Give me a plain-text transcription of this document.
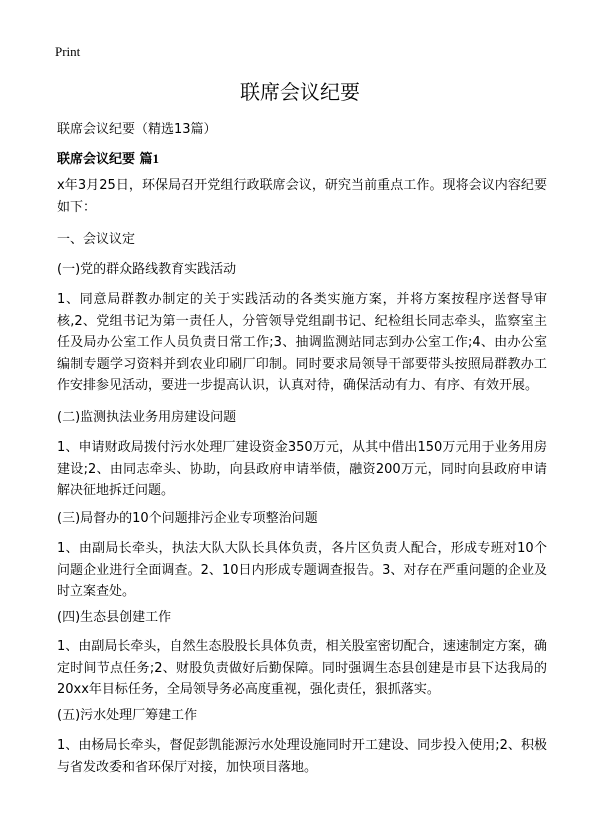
Print
联席会议纪要

联席会议纪要（精选13篇）

联席会议纪要 篇1

x年3月25日，环保局召开党组行政联席会议，研究当前重点工作。现将会议内容纪要如下：

一、会议议定

(一)党的群众路线教育实践活动

1、同意局群教办制定的关于实践活动的各类实施方案，并将方案按程序送督导审核,2、党组书记为第一责任人，分管领导党组副书记、纪检组长同志牵头，监察室主任及局办公室工作人员负责日常工作;3、抽调监测站同志到办公室工作;4、由办公室编制专题学习资料并到农业印刷厂印制。同时要求局领导干部要带头按照局群教办工作安排参见活动，要进一步提高认识，认真对待，确保活动有力、有序、有效开展。

(二)监测执法业务用房建设问题

1、申请财政局拨付污水处理厂建设资金350万元，从其中借出150万元用于业务用房建设;2、由同志牵头、协助，向县政府申请举债，融资200万元，同时向县政府申请解决征地拆迁问题。

(三)局督办的10个问题排污企业专项整治问题

1、由副局长牵头，执法大队大队长具体负责，各片区负责人配合，形成专班对10个问题企业进行全面调查。2、10日内形成专题调查报告。3、对存在严重问题的企业及时立案查处。

(四)生态县创建工作

1、由副局长牵头，自然生态股股长具体负责，相关股室密切配合，速速制定方案，确定时间节点任务;2、财股负责做好后勤保障。同时强调生态县创建是市县下达我局的20xx年目标任务，全局领导务必高度重视，强化责任，狠抓落实。

(五)污水处理厂筹建工作

1、由杨局长牵头，督促彭凯能源污水处理设施同时开工建设、同步投入使用;2、积极与省发改委和省环保厅对接，加快项目落地。
